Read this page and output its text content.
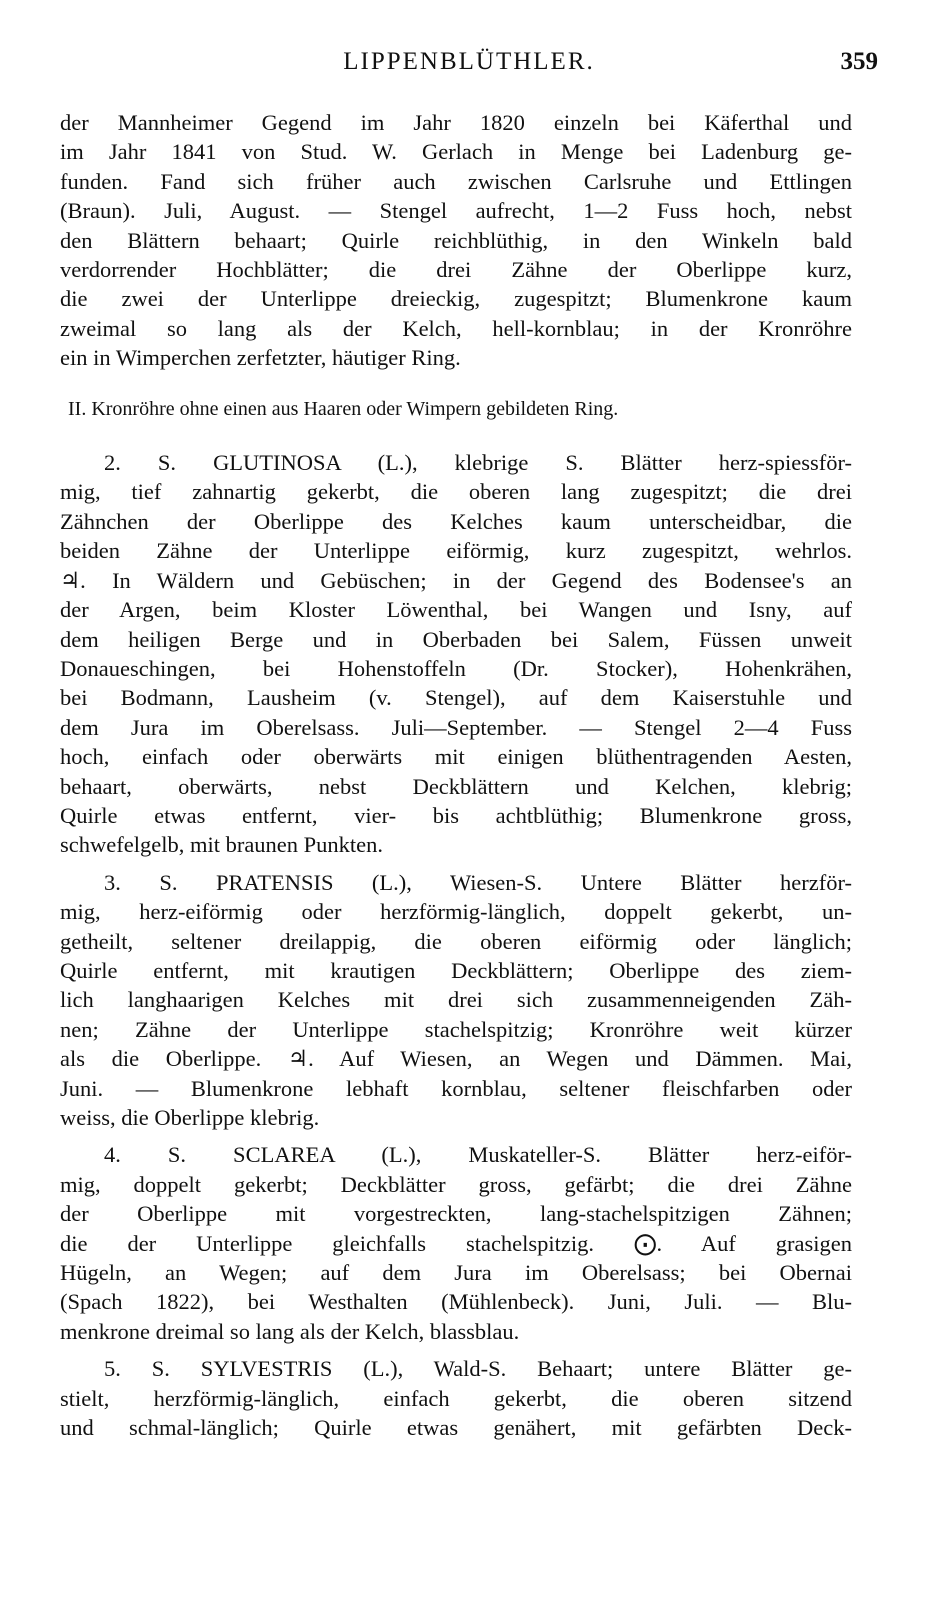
LIPPENBLÜTHLER.	359
der Mannheimer Gegend im Jahr 1820 einzeln bei Käferthal und
im Jahr 1841 von Stud. W. Gerlach in Menge bei Ladenburg ge-
funden. Fand sich früher auch zwischen Carlsruhe und Ettlingen
(Braun). Juli, August. — Stengel aufrecht, 1—2 Fuss hoch, nebst
den Blättern behaart; Quirle reichblüthig, in den Winkeln bald
verdorrender Hochblätter; die drei Zähne der Oberlippe kurz,
die zwei der Unterlippe dreieckig, zugespitzt; Blumenkrone kaum
zweimal so lang als der Kelch, hell-kornblau; in der Kronröhre
ein in Wimperchen zerfetzter, häutiger Ring.
II. Kronröhre ohne einen aus Haaren oder Wimpern gebildeten Ring.
2. S. GLUTINOSA (L.), klebrige S. Blätter herz-spiessför-
mig, tief zahnartig gekerbt, die oberen lang zugespitzt; die drei
Zähnchen der Oberlippe des Kelches kaum unterscheidbar, die
beiden Zähne der Unterlippe eiförmig, kurz zugespitzt, wehrlos.
♃. In Wäldern und Gebüschen; in der Gegend des Bodensee's an
der Argen, beim Kloster Löwenthal, bei Wangen und Isny, auf
dem heiligen Berge und in Oberbaden bei Salem, Füssen unweit
Donaueschingen, bei Hohenstoffeln (Dr. Stocker), Hohenkrähen,
bei Bodmann, Lausheim (v. Stengel), auf dem Kaiserstuhle und
dem Jura im Oberelsass. Juli—September. — Stengel 2—4 Fuss
hoch, einfach oder oberwärts mit einigen blüthentragenden Aesten,
behaart, oberwärts, nebst Deckblättern und Kelchen, klebrig;
Quirle etwas entfernt, vier- bis achtblüthig; Blumenkrone gross,
schwefelgelb, mit braunen Punkten.
3. S. PRATENSIS (L.), Wiesen-S. Untere Blätter herzför-
mig, herz-eiförmig oder herzförmig-länglich, doppelt gekerbt, un-
getheilt, seltener dreilappig, die oberen eiförmig oder länglich;
Quirle entfernt, mit krautigen Deckblättern; Oberlippe des ziem-
lich langhaarigen Kelches mit drei sich zusammenneigenden Zäh-
nen; Zähne der Unterlippe stachelspitzig; Kronröhre weit kürzer
als die Oberlippe. ♃. Auf Wiesen, an Wegen und Dämmen. Mai,
Juni. — Blumenkrone lebhaft kornblau, seltener fleischfarben oder
weiss, die Oberlippe klebrig.
4. S. SCLAREA (L.), Muskateller-S. Blätter herz-eiför-
mig, doppelt gekerbt; Deckblätter gross, gefärbt; die drei Zähne
der Oberlippe mit vorgestreckten, lang-stachelspitzigen Zähnen;
die der Unterlippe gleichfalls stachelspitzig. ⨀. Auf grasigen
Hügeln, an Wegen; auf dem Jura im Oberelsass; bei Obernai
(Spach 1822), bei Westhalten (Mühlenbeck). Juni, Juli. — Blu-
menkrone dreimal so lang als der Kelch, blassblau.
5. S. SYLVESTRIS (L.), Wald-S. Behaart; untere Blätter ge-
stielt, herzförmig-länglich, einfach gekerbt, die oberen sitzend
und schmal-länglich; Quirle etwas genähert, mit gefärbten Deck-
